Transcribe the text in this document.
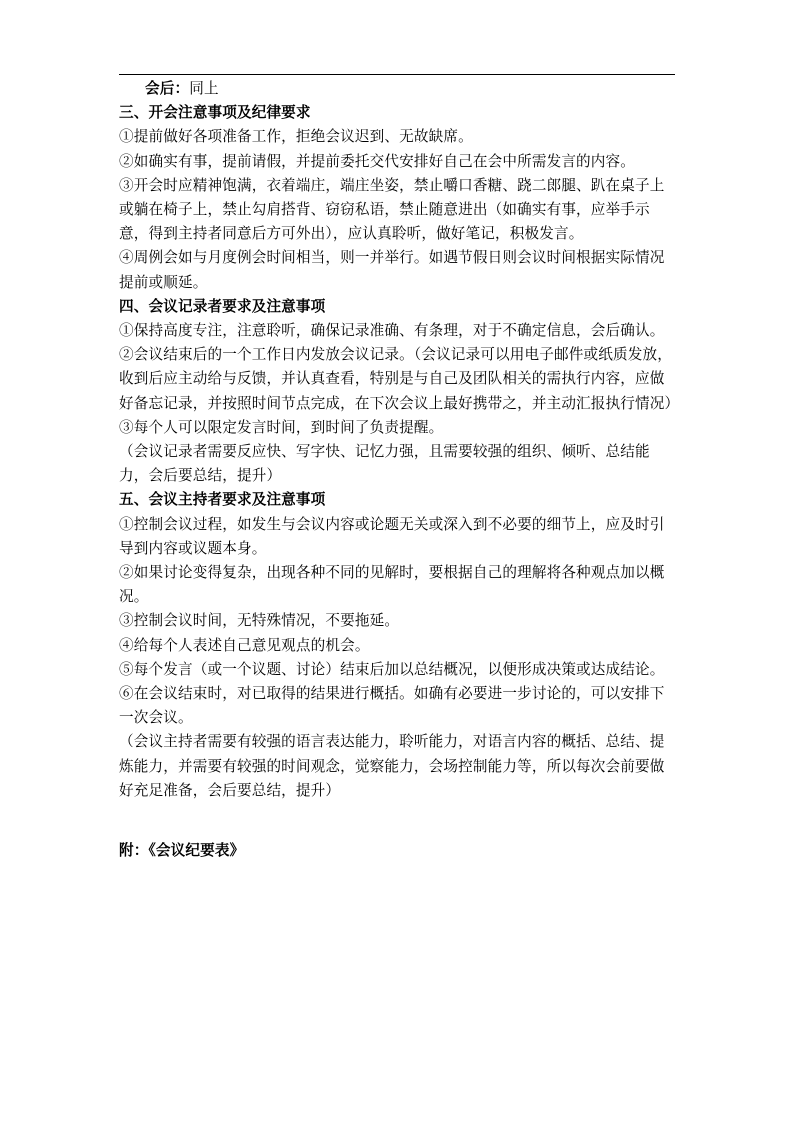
会后：同上
三、开会注意事项及纪律要求
①提前做好各项准备工作，拒绝会议迟到、无故缺席。
②如确实有事，提前请假，并提前委托交代安排好自己在会中所需发言的内容。
③开会时应精神饱满，衣着端庄，端庄坐姿，禁止嚼口香糖、跷二郎腿、趴在桌子上或躺在椅子上，禁止勾肩搭背、窃窃私语，禁止随意进出（如确实有事，应举手示意，得到主持者同意后方可外出），应认真聆听，做好笔记，积极发言。
④周例会如与月度例会时间相当，则一并举行。如遇节假日则会议时间根据实际情况提前或顺延。
四、会议记录者要求及注意事项
①保持高度专注，注意聆听，确保记录准确、有条理，对于不确定信息，会后确认。
②会议结束后的一个工作日内发放会议记录。（会议记录可以用电子邮件或纸质发放，收到后应主动给与反馈，并认真查看，特别是与自己及团队相关的需执行内容，应做好备忘记录，并按照时间节点完成，在下次会议上最好携带之，并主动汇报执行情况）
③每个人可以限定发言时间，到时间了负责提醒。
（会议记录者需要反应快、写字快、记忆力强，且需要较强的组织、倾听、总结能力，会后要总结，提升）
五、会议主持者要求及注意事项
①控制会议过程，如发生与会议内容或论题无关或深入到不必要的细节上，应及时引导到内容或议题本身。
②如果讨论变得复杂，出现各种不同的见解时，要根据自己的理解将各种观点加以概况。
③控制会议时间，无特殊情况，不要拖延。
④给每个人表述自己意见观点的机会。
⑤每个发言（或一个议题、讨论）结束后加以总结概况，以便形成决策或达成结论。
⑥在会议结束时，对已取得的结果进行概括。如确有必要进一步讨论的，可以安排下一次会议。
（会议主持者需要有较强的语言表达能力，聆听能力，对语言内容的概括、总结、提炼能力，并需要有较强的时间观念，觉察能力，会场控制能力等，所以每次会前要做好充足准备，会后要总结，提升）
附：《会议纪要表》
